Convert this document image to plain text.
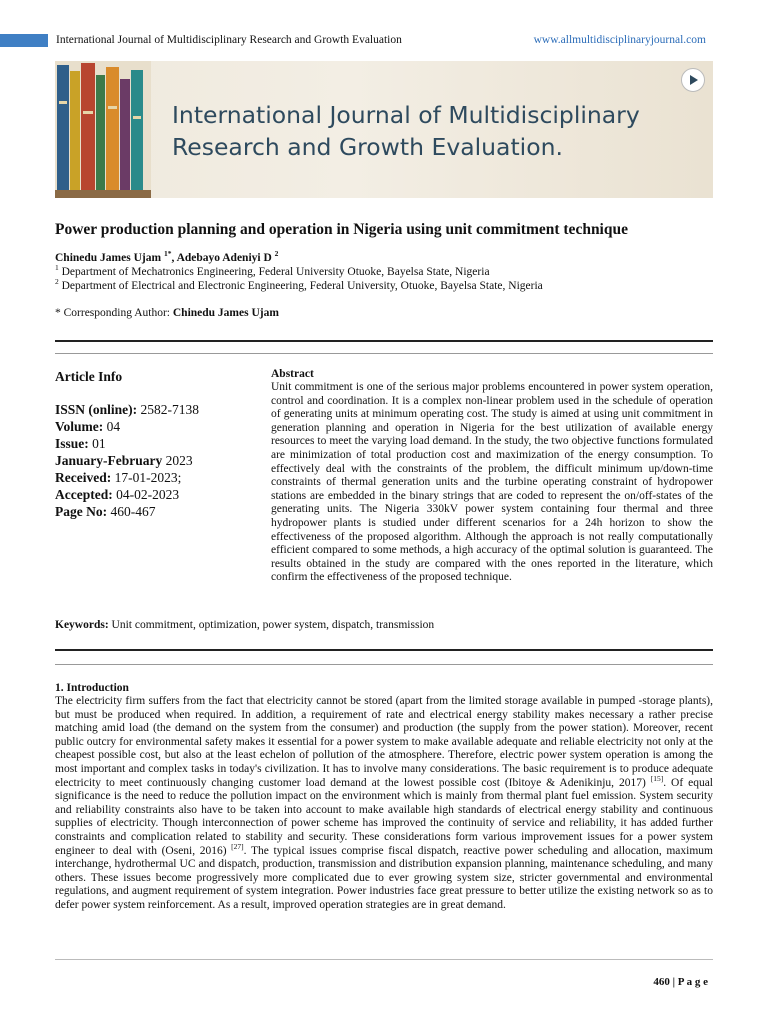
International Journal of Multidisciplinary Research and Growth Evaluation	www.allmultidisciplinaryjournal.com
International Journal of Multidisciplinary
Research and Growth Evaluation.
Power production planning and operation in Nigeria using unit commitment technique
Chinedu James Ujam $^{1*}$, Adebayo Adeniyi D $^2$
$^1$ Department of Mechatronics Engineering, Federal University Otuoke, Bayelsa State, Nigeria
$^2$ Department of Electrical and Electronic Engineering, Federal University, Otuoke, Bayelsa State, Nigeria
* Corresponding Author: Chinedu James Ujam
Article Info
ISSN (online): 2582-7138
Volume: 04
Issue: 01
January-February 2023
Received: 17-01-2023;
Accepted: 04-02-2023
Page No: 460-467
Abstract

Unit commitment is one of the serious major problems encountered in power system operation, control and coordination. It is a complex non-linear problem used in the schedule of operation of generating units at minimum operating cost. The study is aimed at using unit commitment in generation planning and operation in Nigeria for the best utilization of available energy resources to meet the varying load demand. In the study, the two objective functions formulated are minimization of total production cost and maximization of the energy consumption. To effectively deal with the constraints of the problem, the difficult minimum up/down-time constraints of thermal generation units and the turbine operating constraint of hydropower stations are embedded in the binary strings that are coded to represent the on/off-states of the generating units. The Nigeria 330kV power system containing four thermal and three hydropower plants is studied under different scenarios for a 24h horizon to show the effectiveness of the proposed algorithm. Although the approach is not really computationally efficient compared to some methods, a high accuracy of the optimal solution is guaranteed. The results obtained in the study are compared with the ones reported in the literature, which confirm the effectiveness of the proposed technique.

Keywords: Unit commitment, optimization, power system, dispatch, transmission
1. Introduction

The electricity firm suffers from the fact that electricity cannot be stored (apart from the limited storage available in pumped -storage plants), but must be produced when required. In addition, a requirement of rate and electrical energy stability makes necessary a rather precise matching amid load (the demand on the system from the consumer) and production (the supply from the power station). Moreover, recent public outcry for environmental safety makes it essential for a power system to make available adequate and reliable electricity not only at the cheapest possible cost, but also at the least echelon of pollution of the atmosphere. Therefore, electric power system operation is among the most important and complex tasks in today's civilization. It has to involve many considerations. The basic requirement is to produce adequate electricity to meet continuously changing customer load demand at the lowest possible cost (Ibitoye & Adenikinju, 2017) [15]. Of equal significance is the need to reduce the pollution impact on the environment which is mainly from thermal plant fuel emission. System security and reliability constraints also have to be taken into account to make available high standards of electrical energy stability and continuous supplies of electricity. Though interconnection of power scheme has improved the continuity of service and reliability, it has added further constraints and complication related to stability and security. These considerations form various improvement issues for a power system engineer to deal with (Oseni, 2016) [27]. The typical issues comprise fiscal dispatch, reactive power scheduling and allocation, maximum interchange, hydrothermal UC and dispatch, production, transmission and distribution expansion planning, maintenance scheduling, and many others. These issues become progressively more complicated due to ever growing system size, stricter governmental and environmental regulations, and augment requirement of system integration. Power industries face great pressure to better utilize the existing network so as to defer power system reinforcement. As a result, improved operation strategies are in great demand.

460 | P a g e
